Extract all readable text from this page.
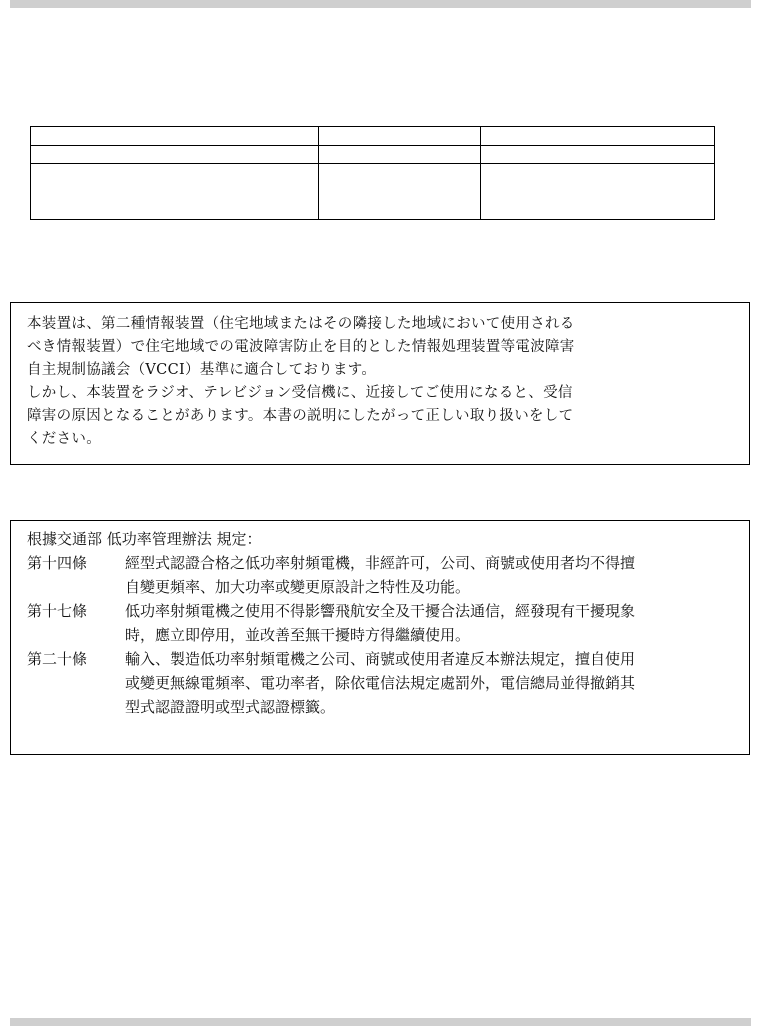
本装置は、第二種情報装置（住宅地域またはその隣接した地域において使用される
べき情報装置）で住宅地域での電波障害防止を目的とした情報処理装置等電波障害
自主規制協議会（VCCI）基準に適合しております。
しかし、本装置をラジオ、テレビジョン受信機に、近接してご使用になると、受信
障害の原因となることがあります。本書の説明にしたがって正しい取り扱いをして
ください。
根據交通部 低功率管理辦法 規定：
第十四條	經型式認證合格之低功率射頻電機，非經許可，公司、商號或使用者均不得擅
自變更頻率、加大功率或變更原設計之特性及功能。
第十七條	低功率射頻電機之使用不得影響飛航安全及干擾合法通信，經發現有干擾現象
時，應立即停用，並改善至無干擾時方得繼續使用。
第二十條	輸入、製造低功率射頻電機之公司、商號或使用者違反本辦法規定，擅自使用
或變更無線電頻率、電功率者，除依電信法規定處罰外，電信總局並得撤銷其
型式認證證明或型式認證標籤。
